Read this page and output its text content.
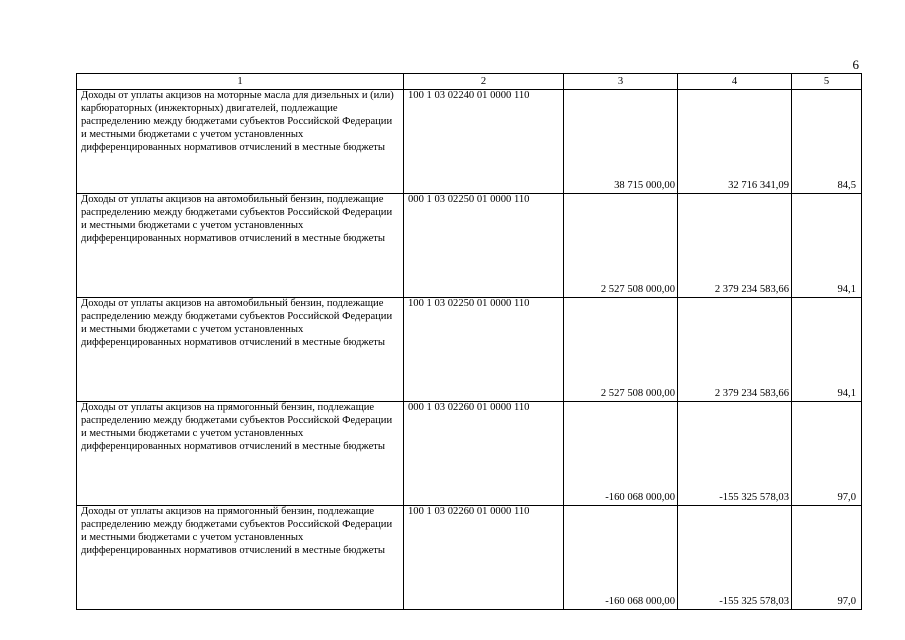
6
1	2	3	4	5
Доходы от уплаты акцизов на моторные масла для дизельных и (или) карбюраторных (инжекторных) двигателей, подлежащие распределению между бюджетами субъектов Российской Федерации и местными бюджетами с учетом установленных дифференцированных нормативов отчислений в местные бюджеты	100 1 03 02240 01 0000 110	38 715 000,00	32 716 341,09	84,5
Доходы от уплаты акцизов на автомобильный бензин, подлежащие распределению между бюджетами субъектов Российской Федерации и местными бюджетами с учетом установленных дифференцированных нормативов отчислений в местные бюджеты	000 1 03 02250 01 0000 110	2 527 508 000,00	2 379 234 583,66	94,1
Доходы от уплаты акцизов на автомобильный бензин, подлежащие распределению между бюджетами субъектов Российской Федерации и местными бюджетами с учетом установленных дифференцированных нормативов отчислений в местные бюджеты	100 1 03 02250 01 0000 110	2 527 508 000,00	2 379 234 583,66	94,1
Доходы от уплаты акцизов на прямогонный бензин, подлежащие распределению между бюджетами субъектов Российской Федерации и местными бюджетами с учетом установленных дифференцированных нормативов отчислений в местные бюджеты	000 1 03 02260 01 0000 110	-160 068 000,00	-155 325 578,03	97,0
Доходы от уплаты акцизов на прямогонный бензин, подлежащие распределению между бюджетами субъектов Российской Федерации и местными бюджетами с учетом установленных дифференцированных нормативов отчислений в местные бюджеты	100 1 03 02260 01 0000 110	-160 068 000,00	-155 325 578,03	97,0
